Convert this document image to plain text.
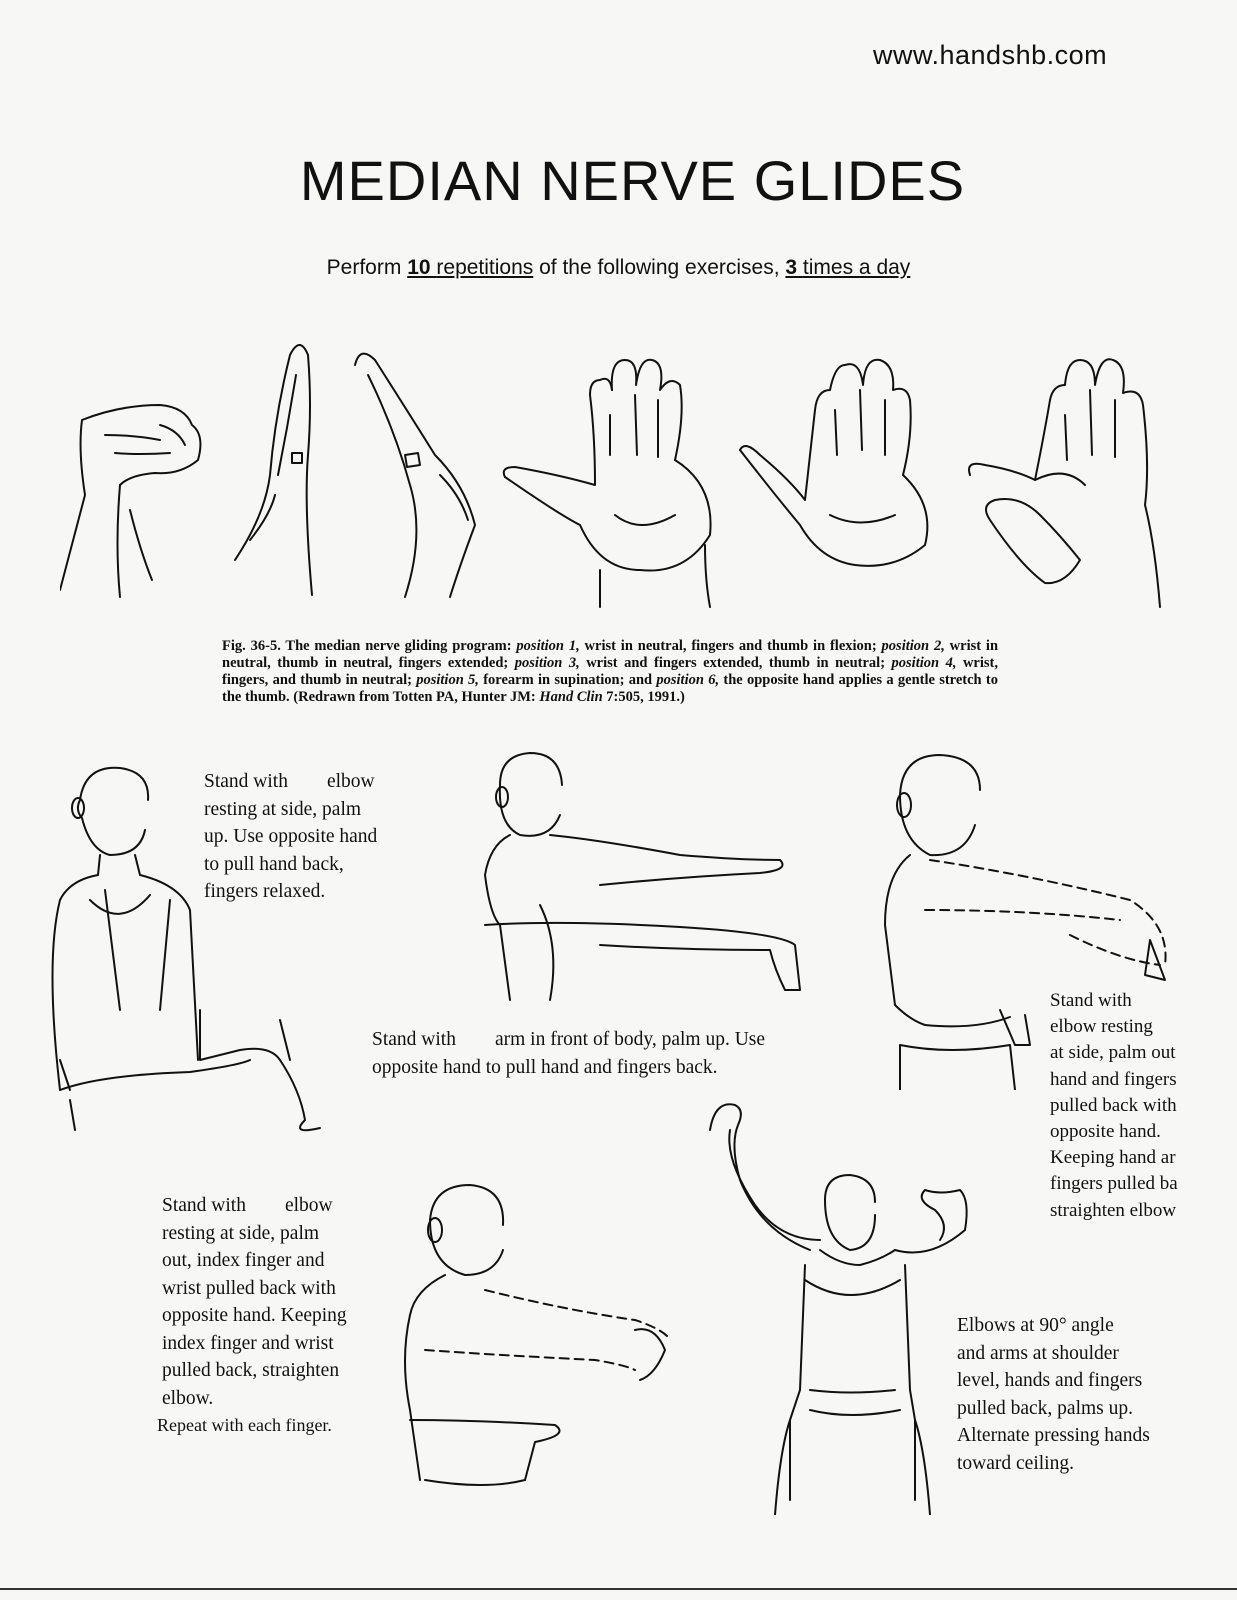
www.handshb.com
MEDIAN NERVE GLIDES
Perform 10 repetitions of the following exercises, 3 times a day
Fig. 36-5. The median nerve gliding program: position 1, wrist in neutral, fingers and thumb in flexion; position 2, wrist in neutral, thumb in neutral, fingers extended; position 3, wrist and fingers extended, thumb in neutral; position 4, wrist, fingers, and thumb in neutral; position 5, forearm in supination; and position 6, the opposite hand applies a gentle stretch to the thumb. (Redrawn from Totten PA, Hunter JM: Hand Clin 7:505, 1991.)
Stand with        elbow
resting at side, palm
up. Use opposite hand
to pull hand back,
fingers relaxed.
Stand with        arm in front of body, palm up. Use
opposite hand to pull hand and fingers back.
Stand with
elbow resting
at side, palm out
hand and fingers
pulled back with
opposite hand.
Keeping hand ar
fingers pulled ba
straighten elbow
Stand with        elbow
resting at side, palm
out, index finger and
wrist pulled back with
opposite hand. Keeping
index finger and wrist
pulled back, straighten
elbow.
Repeat with each finger.
Elbows at 90° angle
and arms at shoulder
level, hands and fingers
pulled back, palms up.
Alternate pressing hands
toward ceiling.
